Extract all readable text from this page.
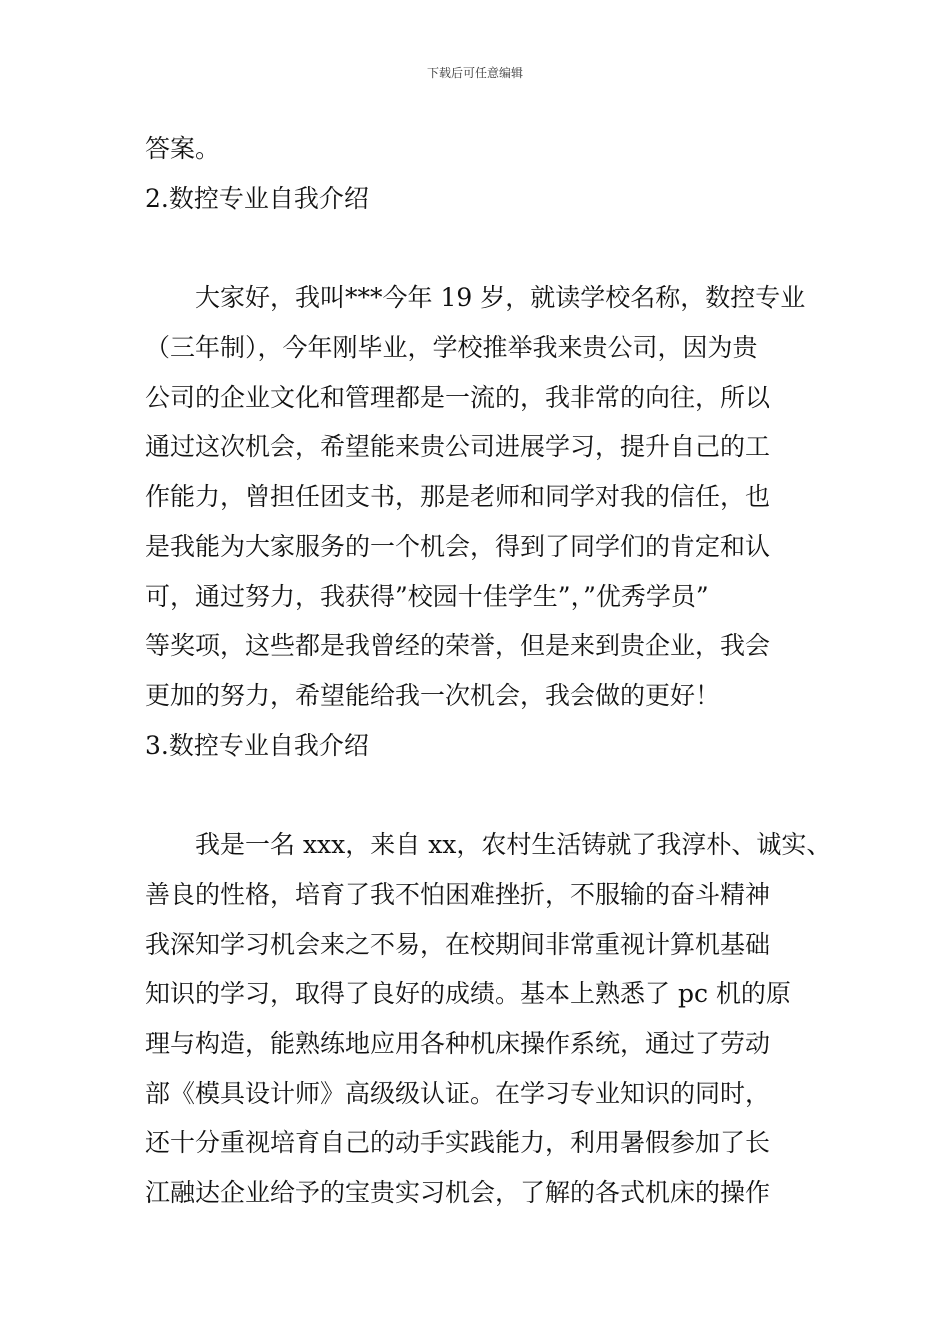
下载后可任意编辑
答案。
2.数控专业自我介绍
大家好，我叫***今年 19 岁，就读学校名称，数控专业
（三年制），今年刚毕业，学校推举我来贵公司，因为贵
公司的企业文化和管理都是一流的，我非常的向往，所以
通过这次机会，希望能来贵公司进展学习，提升自己的工
作能力，曾担任团支书，那是老师和同学对我的信任，也
是我能为大家服务的一个机会，得到了同学们的肯定和认
可，通过努力，我获得”校园十佳学生”，”优秀学员”
等奖项，这些都是我曾经的荣誉，但是来到贵企业，我会
更加的努力，希望能给我一次机会，我会做的更好！
3.数控专业自我介绍
我是一名 xxx，来自 xx，农村生活铸就了我淳朴、诚实、
善良的性格，培育了我不怕困难挫折，不服输的奋斗精神
我深知学习机会来之不易，在校期间非常重视计算机基础
知识的学习，取得了良好的成绩。基本上熟悉了 pc 机的原
理与构造，能熟练地应用各种机床操作系统，通过了劳动
部《模具设计师》高级级认证。在学习专业知识的同时，
还十分重视培育自己的动手实践能力，利用暑假参加了长
江融达企业给予的宝贵实习机会，了解的各式机床的操作
